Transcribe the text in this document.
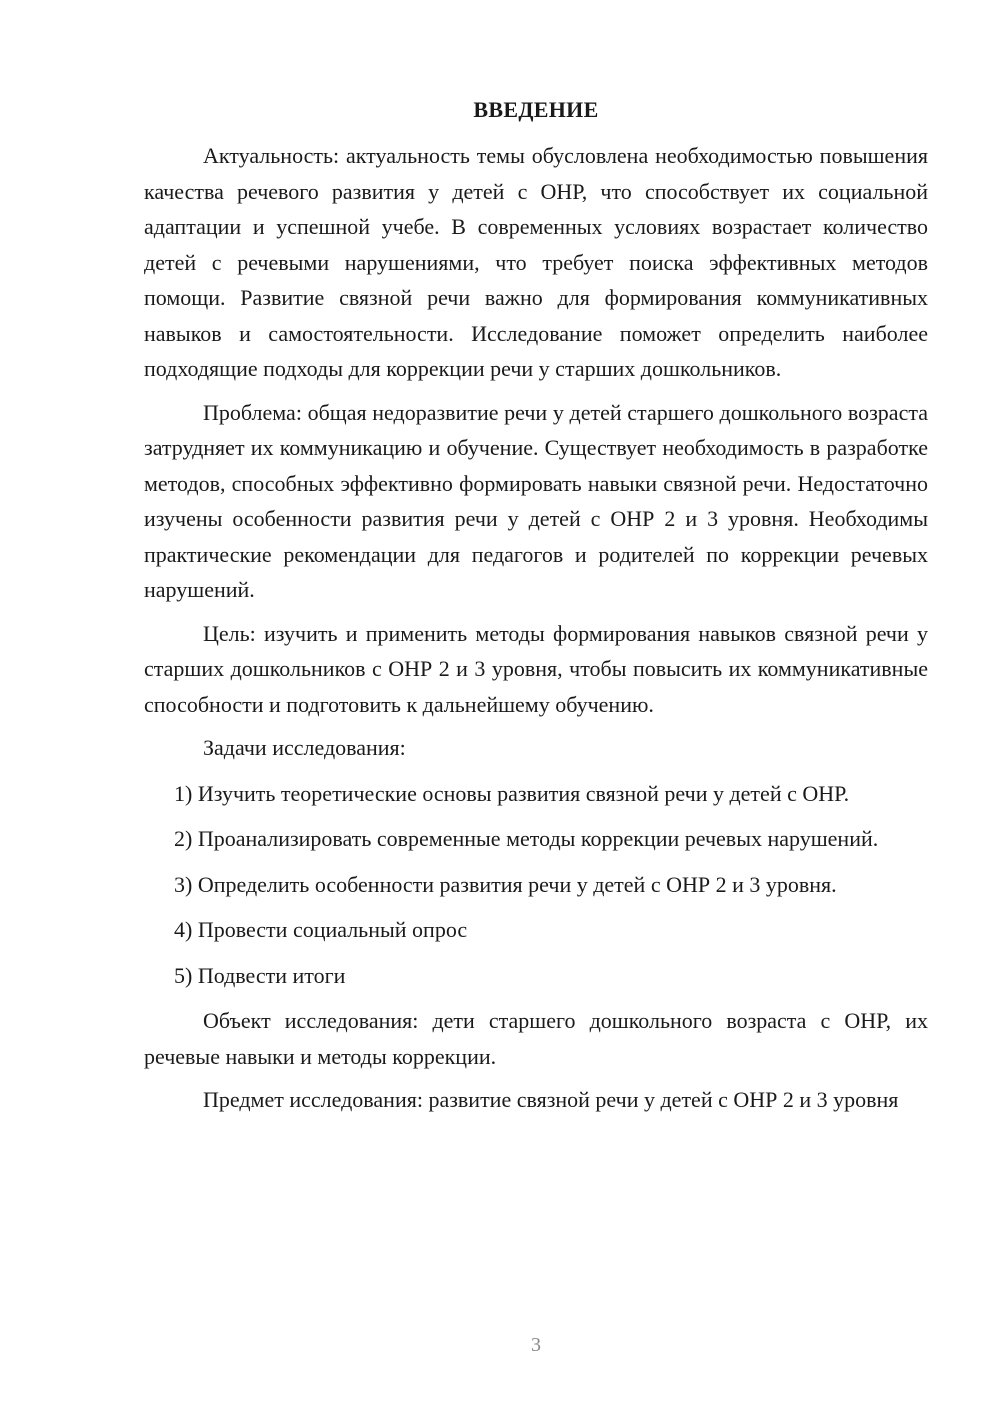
ВВЕДЕНИЕ

Актуальность: актуальность темы обусловлена необходимостью повышения качества речевого развития у детей с ОНР, что способствует их социальной адаптации и успешной учебе. В современных условиях возрастает количество детей с речевыми нарушениями, что требует поиска эффективных методов помощи. Развитие связной речи важно для формирования коммуникативных навыков и самостоятельности. Исследование поможет определить наиболее подходящие подходы для коррекции речи у старших дошкольников.

Проблема: общая недоразвитие речи у детей старшего дошкольного возраста затрудняет их коммуникацию и обучение. Существует необходимость в разработке методов, способных эффективно формировать навыки связной речи. Недостаточно изучены особенности развития речи у детей с ОНР 2 и 3 уровня. Необходимы практические рекомендации для педагогов и родителей по коррекции речевых нарушений.

Цель: изучить и применить методы формирования навыков связной речи у старших дошкольников с ОНР 2 и 3 уровня, чтобы повысить их коммуникативные способности и подготовить к дальнейшему обучению.

Задачи исследования:

1) Изучить теоретические основы развития связной речи у детей с ОНР.

2) Проанализировать современные методы коррекции речевых нарушений.

3) Определить особенности развития речи у детей с ОНР 2 и 3 уровня.

4) Провести социальный опрос

5) Подвести итоги

Объект исследования: дети старшего дошкольного возраста с ОНР, их речевые навыки и методы коррекции.

Предмет исследования: развитие связной речи у детей с ОНР 2 и 3 уровня

3
